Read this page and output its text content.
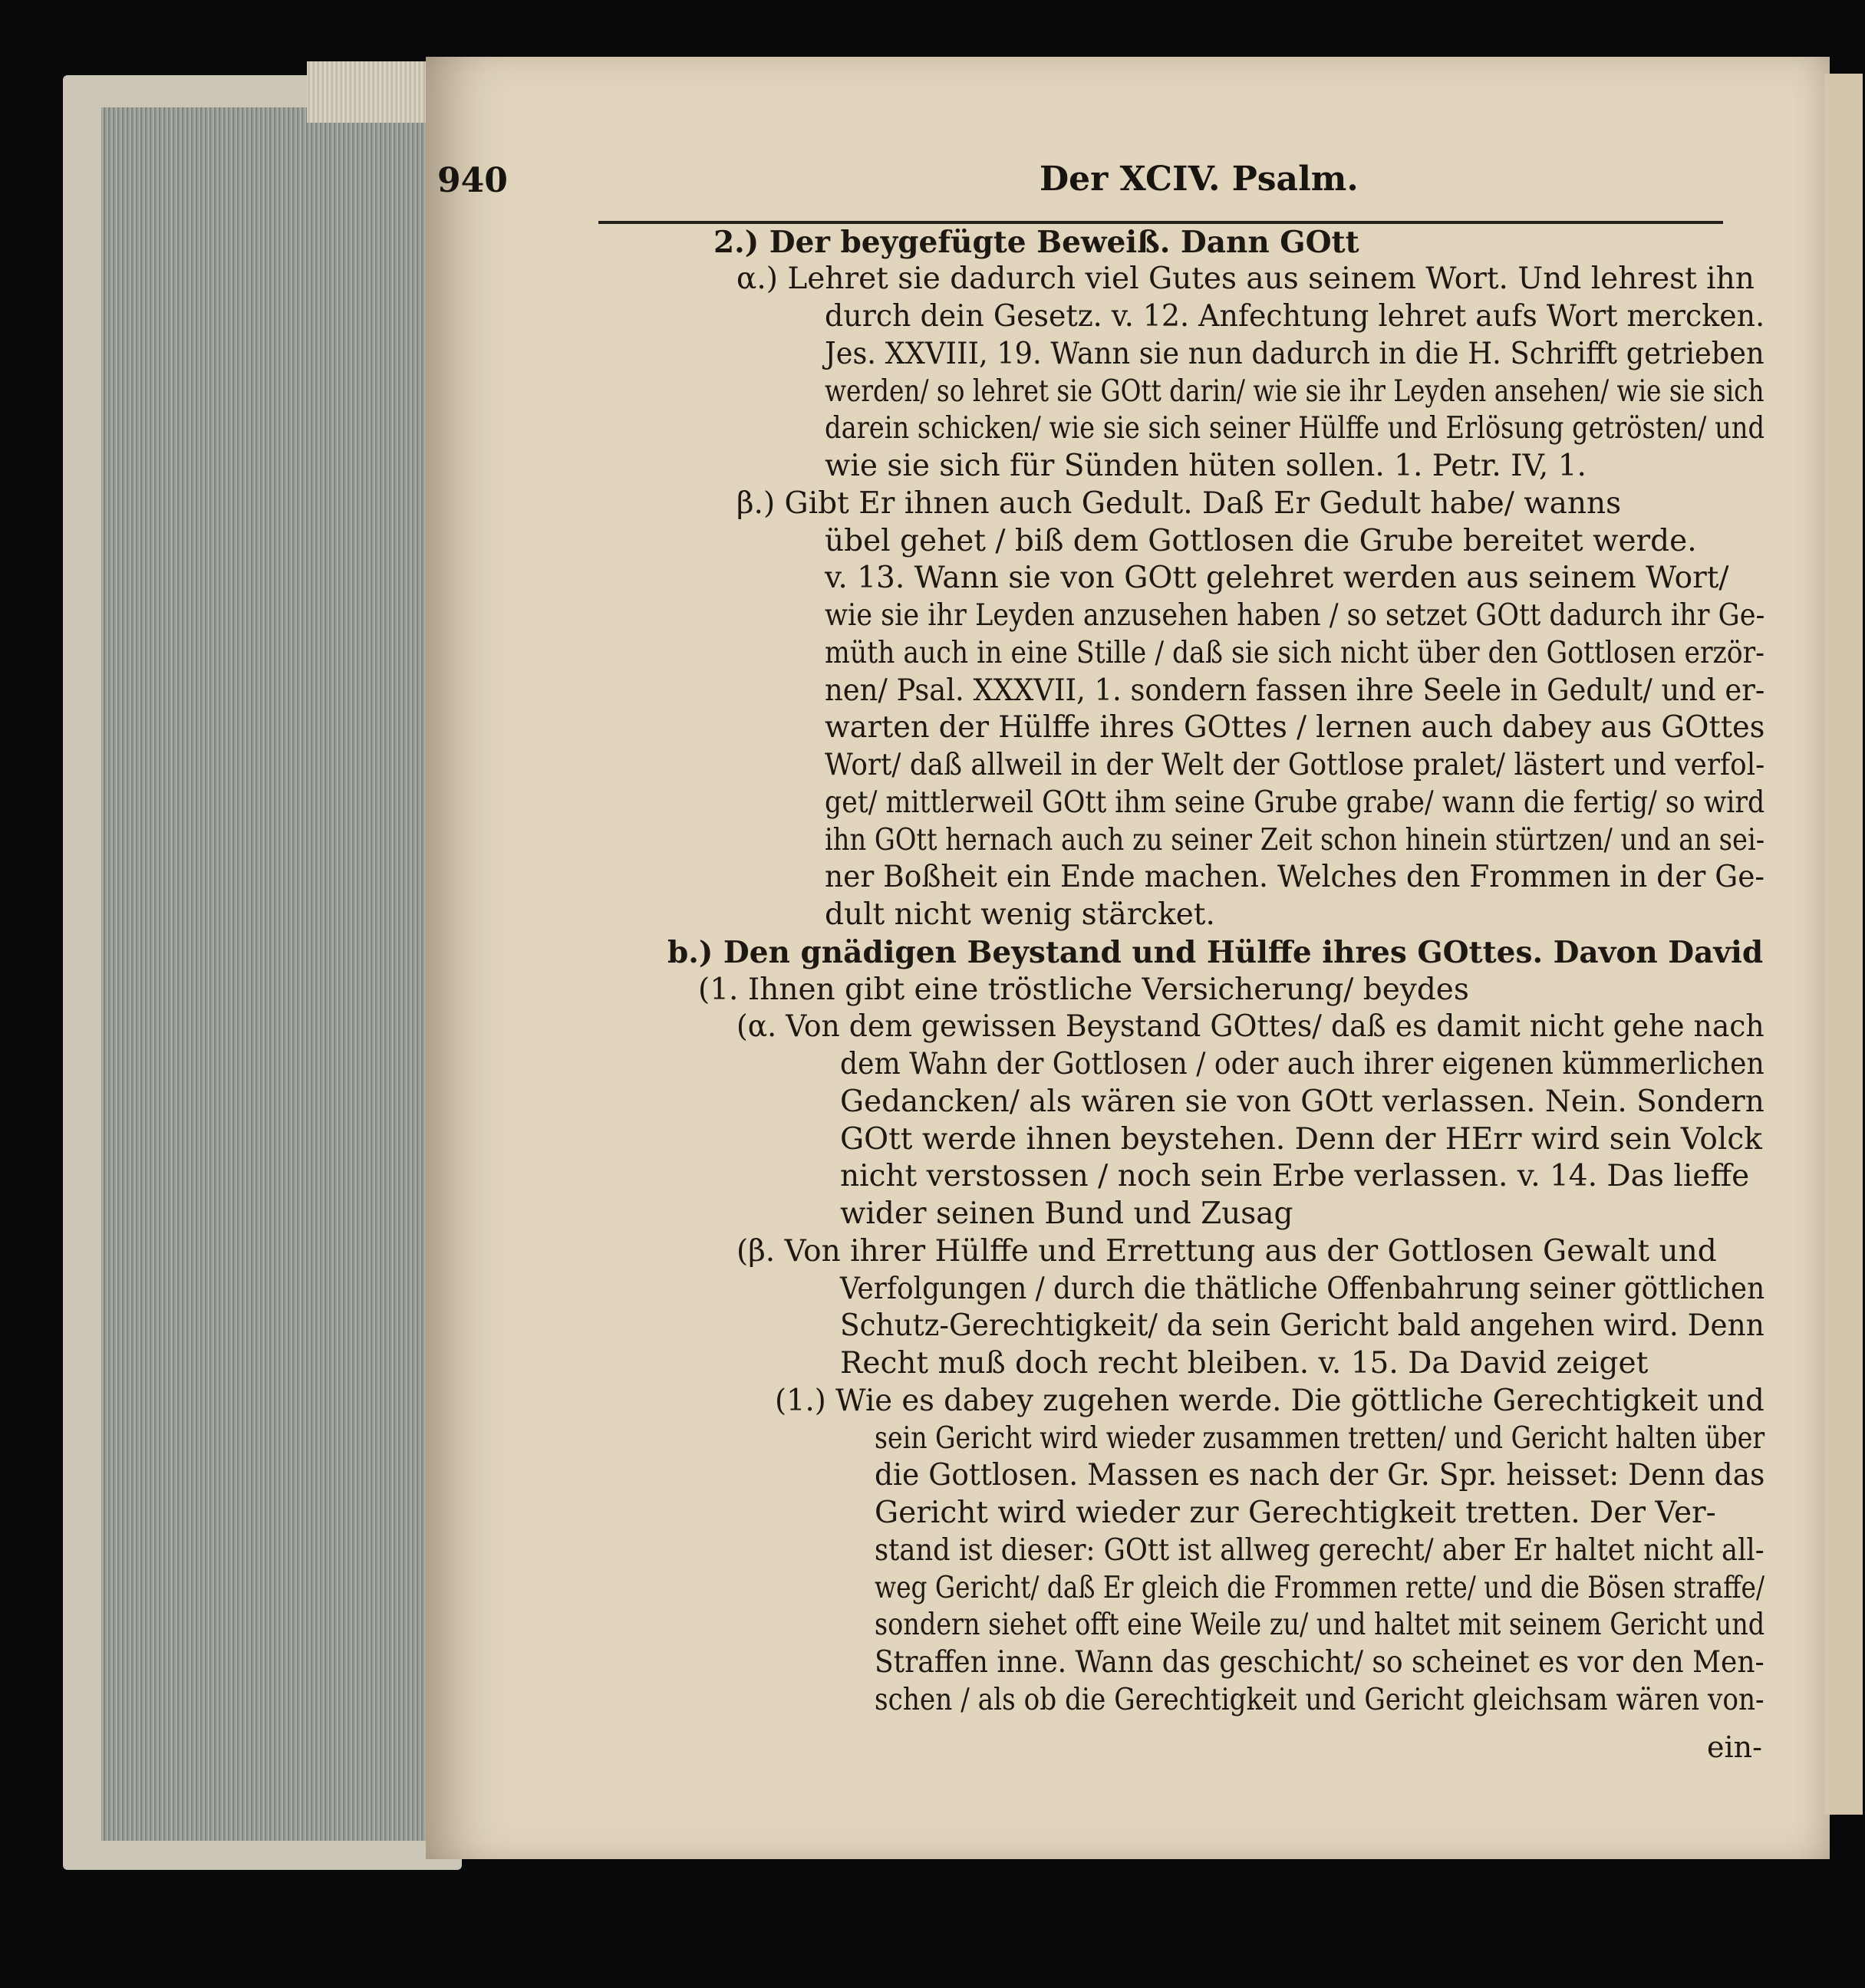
940	Der XCIV. Psalm.
2.) Der beygefügte Beweiß. Dann GOtt
α.) Lehret sie dadurch viel Gutes aus seinem Wort. Und lehrest ihn
durch dein Gesetz. v. 12. Anfechtung lehret aufs Wort mercken.
Jes. XXVIII, 19. Wann sie nun dadurch in die H. Schrifft getrieben
werden/ so lehret sie GOtt darin/ wie sie ihr Leyden ansehen/ wie sie sich
darein schicken/ wie sie sich seiner Hülffe und Erlösung getrösten/ und
wie sie sich für Sünden hüten sollen. 1. Petr. IV, 1.
β.) Gibt Er ihnen auch Gedult. Daß Er Gedult habe/ wanns
übel gehet / biß dem Gottlosen die Grube bereitet werde.
v. 13. Wann sie von GOtt gelehret werden aus seinem Wort/
wie sie ihr Leyden anzusehen haben / so setzet GOtt dadurch ihr Ge-
müth auch in eine Stille / daß sie sich nicht über den Gottlosen erzör-
nen/ Psal. XXXVII, 1. sondern fassen ihre Seele in Gedult/ und er-
warten der Hülffe ihres GOttes / lernen auch dabey aus GOttes
Wort/ daß allweil in der Welt der Gottlose pralet/ lästert und verfol-
get/ mittlerweil GOtt ihm seine Grube grabe/ wann die fertig/ so wird
ihn GOtt hernach auch zu seiner Zeit schon hinein stürtzen/ und an sei-
ner Boßheit ein Ende machen. Welches den Frommen in der Ge-
dult nicht wenig stärcket.
b.) Den gnädigen Beystand und Hülffe ihres GOttes. Davon David
(1. Ihnen gibt eine tröstliche Versicherung/ beydes
(α. Von dem gewissen Beystand GOttes/ daß es damit nicht gehe nach
dem Wahn der Gottlosen / oder auch ihrer eigenen kümmerlichen
Gedancken/ als wären sie von GOtt verlassen. Nein. Sondern
GOtt werde ihnen beystehen. Denn der HErr wird sein Volck
nicht verstossen / noch sein Erbe verlassen. v. 14. Das lieffe
wider seinen Bund und Zusag
(β. Von ihrer Hülffe und Errettung aus der Gottlosen Gewalt und
Verfolgungen / durch die thätliche Offenbahrung seiner göttlichen
Schutz-Gerechtigkeit/ da sein Gericht bald angehen wird. Denn
Recht muß doch recht bleiben. v. 15. Da David zeiget
(1.) Wie es dabey zugehen werde. Die göttliche Gerechtigkeit und
sein Gericht wird wieder zusammen tretten/ und Gericht halten über
die Gottlosen. Massen es nach der Gr. Spr. heisset: Denn das
Gericht wird wieder zur Gerechtigkeit tretten. Der Ver-
stand ist dieser: GOtt ist allweg gerecht/ aber Er haltet nicht all-
weg Gericht/ daß Er gleich die Frommen rette/ und die Bösen straffe/
sondern siehet offt eine Weile zu/ und haltet mit seinem Gericht und
Straffen inne. Wann das geschicht/ so scheinet es vor den Men-
schen / als ob die Gerechtigkeit und Gericht gleichsam wären von-
ein-
